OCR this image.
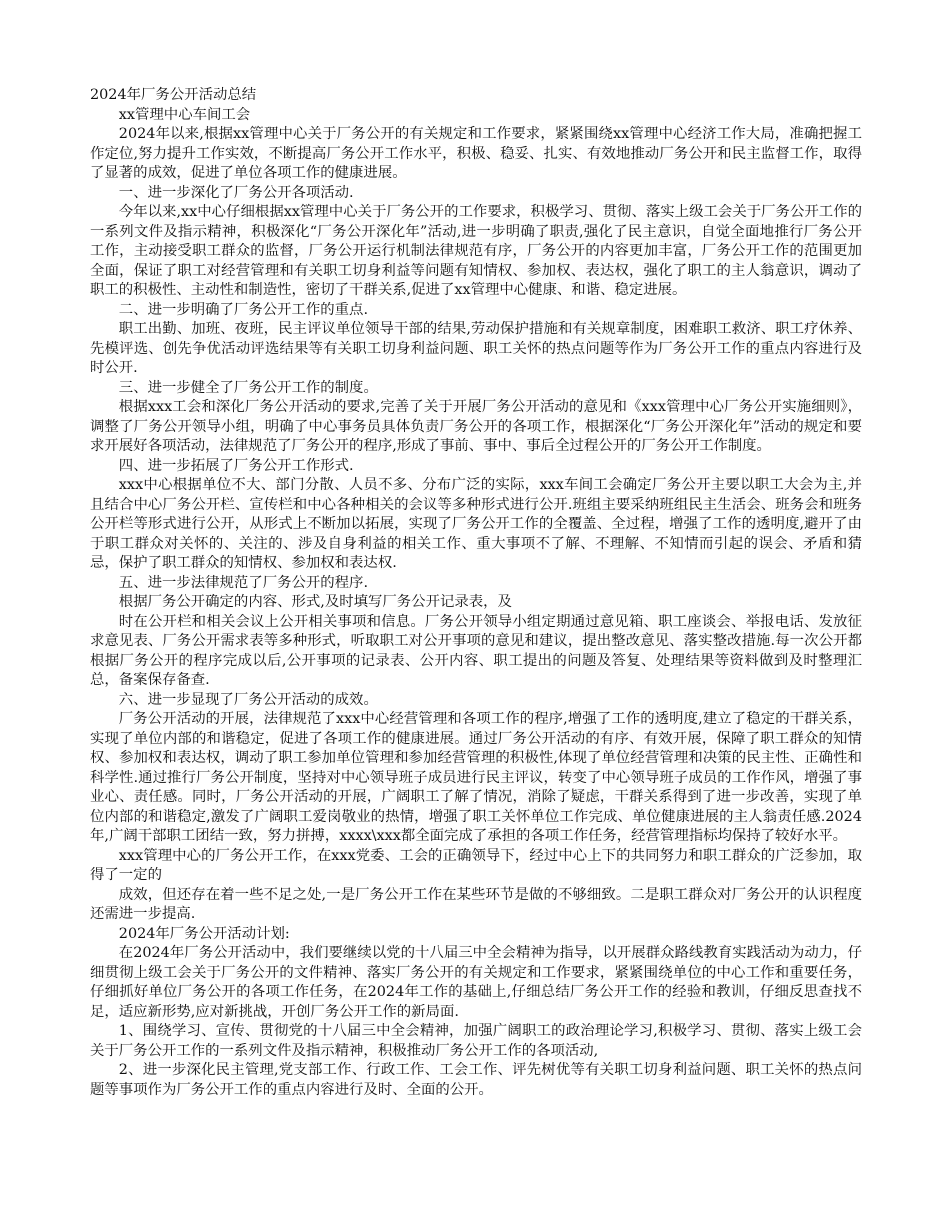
2024年厂务公开活动总结

xx管理中心车间工会

2024年以来,根据xx管理中心关于厂务公开的有关规定和工作要求，紧紧围绕xx管理中心经济工作大局，准确把握工作定位,努力提升工作实效，不断提高厂务公开工作水平，积极、稳妥、扎实、有效地推动厂务公开和民主监督工作，取得了显著的成效，促进了单位各项工作的健康进展。

一、进一步深化了厂务公开各项活动.

今年以来,xx中心仔细根据xx管理中心关于厂务公开的工作要求，积极学习、贯彻、落实上级工会关于厂务公开工作的一系列文件及指示精神，积极深化“厂务公开深化年”活动,进一步明确了职责,强化了民主意识，自觉全面地推行厂务公开工作，主动接受职工群众的监督，厂务公开运行机制法律规范有序，厂务公开的内容更加丰富，厂务公开工作的范围更加全面，保证了职工对经营管理和有关职工切身利益等问题有知情权、参加权、表达权，强化了职工的主人翁意识，调动了职工的积极性、主动性和制造性，密切了干群关系,促进了xx管理中心健康、和谐、稳定进展。

二、进一步明确了厂务公开工作的重点.

职工出勤、加班、夜班，民主评议单位领导干部的结果,劳动保护措施和有关规章制度，困难职工救济、职工疗休养、先模评选、创先争优活动评选结果等有关职工切身利益问题、职工关怀的热点问题等作为厂务公开工作的重点内容进行及时公开.

三、进一步健全了厂务公开工作的制度。

根据xxx工会和深化厂务公开活动的要求,完善了关于开展厂务公开活动的意见和《xxx管理中心厂务公开实施细则》，调整了厂务公开领导小组，明确了中心事务员具体负责厂务公开的各项工作，根据深化“厂务公开深化年”活动的规定和要求开展好各项活动，法律规范了厂务公开的程序,形成了事前、事中、事后全过程公开的厂务公开工作制度。

四、进一步拓展了厂务公开工作形式.

xxx中心根据单位不大、部门分散、人员不多、分布广泛的实际，xxx车间工会确定厂务公开主要以职工大会为主,并且结合中心厂务公开栏、宣传栏和中心各种相关的会议等多种形式进行公开.班组主要采纳班组民主生活会、班务会和班务公开栏等形式进行公开，从形式上不断加以拓展，实现了厂务公开工作的全覆盖、全过程，增强了工作的透明度,避开了由于职工群众对关怀的、关注的、涉及自身利益的相关工作、重大事项不了解、不理解、不知情而引起的误会、矛盾和猜忌，保护了职工群众的知情权、参加权和表达权.

五、进一步法律规范了厂务公开的程序.

根据厂务公开确定的内容、形式,及时填写厂务公开记录表，及

时在公开栏和相关会议上公开相关事项和信息。厂务公开领导小组定期通过意见箱、职工座谈会、举报电话、发放征求意见表、厂务公开需求表等多种形式，听取职工对公开事项的意见和建议，提出整改意见、落实整改措施.每一次公开都根据厂务公开的程序完成以后,公开事项的记录表、公开内容、职工提出的问题及答复、处理结果等资料做到及时整理汇总，备案保存备查.

六、进一步显现了厂务公开活动的成效。

厂务公开活动的开展，法律规范了xxx中心经营管理和各项工作的程序,增强了工作的透明度,建立了稳定的干群关系，实现了单位内部的和谐稳定，促进了各项工作的健康进展。通过厂务公开活动的有序、有效开展，保障了职工群众的知情权、参加权和表达权，调动了职工参加单位管理和参加经营管理的积极性,体现了单位经营管理和决策的民主性、正确性和科学性.通过推行厂务公开制度，坚持对中心领导班子成员进行民主评议，转变了中心领导班子成员的工作作风，增强了事业心、责任感。同时，厂务公开活动的开展，广阔职工了解了情况，消除了疑虑，干群关系得到了进一步改善，实现了单位内部的和谐稳定,激发了广阔职工爱岗敬业的热情，增强了职工关怀单位工作完成、单位健康进展的主人翁责任感.2024年,广阔干部职工团结一致，努力拼搏，xxxx\xxx都全面完成了承担的各项工作任务，经营管理指标均保持了较好水平。

xxx管理中心的厂务公开工作，在xxx党委、工会的正确领导下，经过中心上下的共同努力和职工群众的广泛参加，取得了一定的

成效，但还存在着一些不足之处,一是厂务公开工作在某些环节是做的不够细致。二是职工群众对厂务公开的认识程度还需进一步提高.

2024年厂务公开活动计划:

在2024年厂务公开活动中，我们要继续以党的十八届三中全会精神为指导，以开展群众路线教育实践活动为动力，仔细贯彻上级工会关于厂务公开的文件精神、落实厂务公开的有关规定和工作要求，紧紧围绕单位的中心工作和重要任务，仔细抓好单位厂务公开的各项工作任务，在2024年工作的基础上,仔细总结厂务公开工作的经验和教训，仔细反思查找不足，适应新形势,应对新挑战，开创厂务公开工作的新局面.

1、围绕学习、宣传、贯彻党的十八届三中全会精神，加强广阔职工的政治理论学习,积极学习、贯彻、落实上级工会关于厂务公开工作的一系列文件及指示精神，积极推动厂务公开工作的各项活动,

2、进一步深化民主管理,党支部工作、行政工作、工会工作、评先树优等有关职工切身利益问题、职工关怀的热点问题等事项作为厂务公开工作的重点内容进行及时、全面的公开。
